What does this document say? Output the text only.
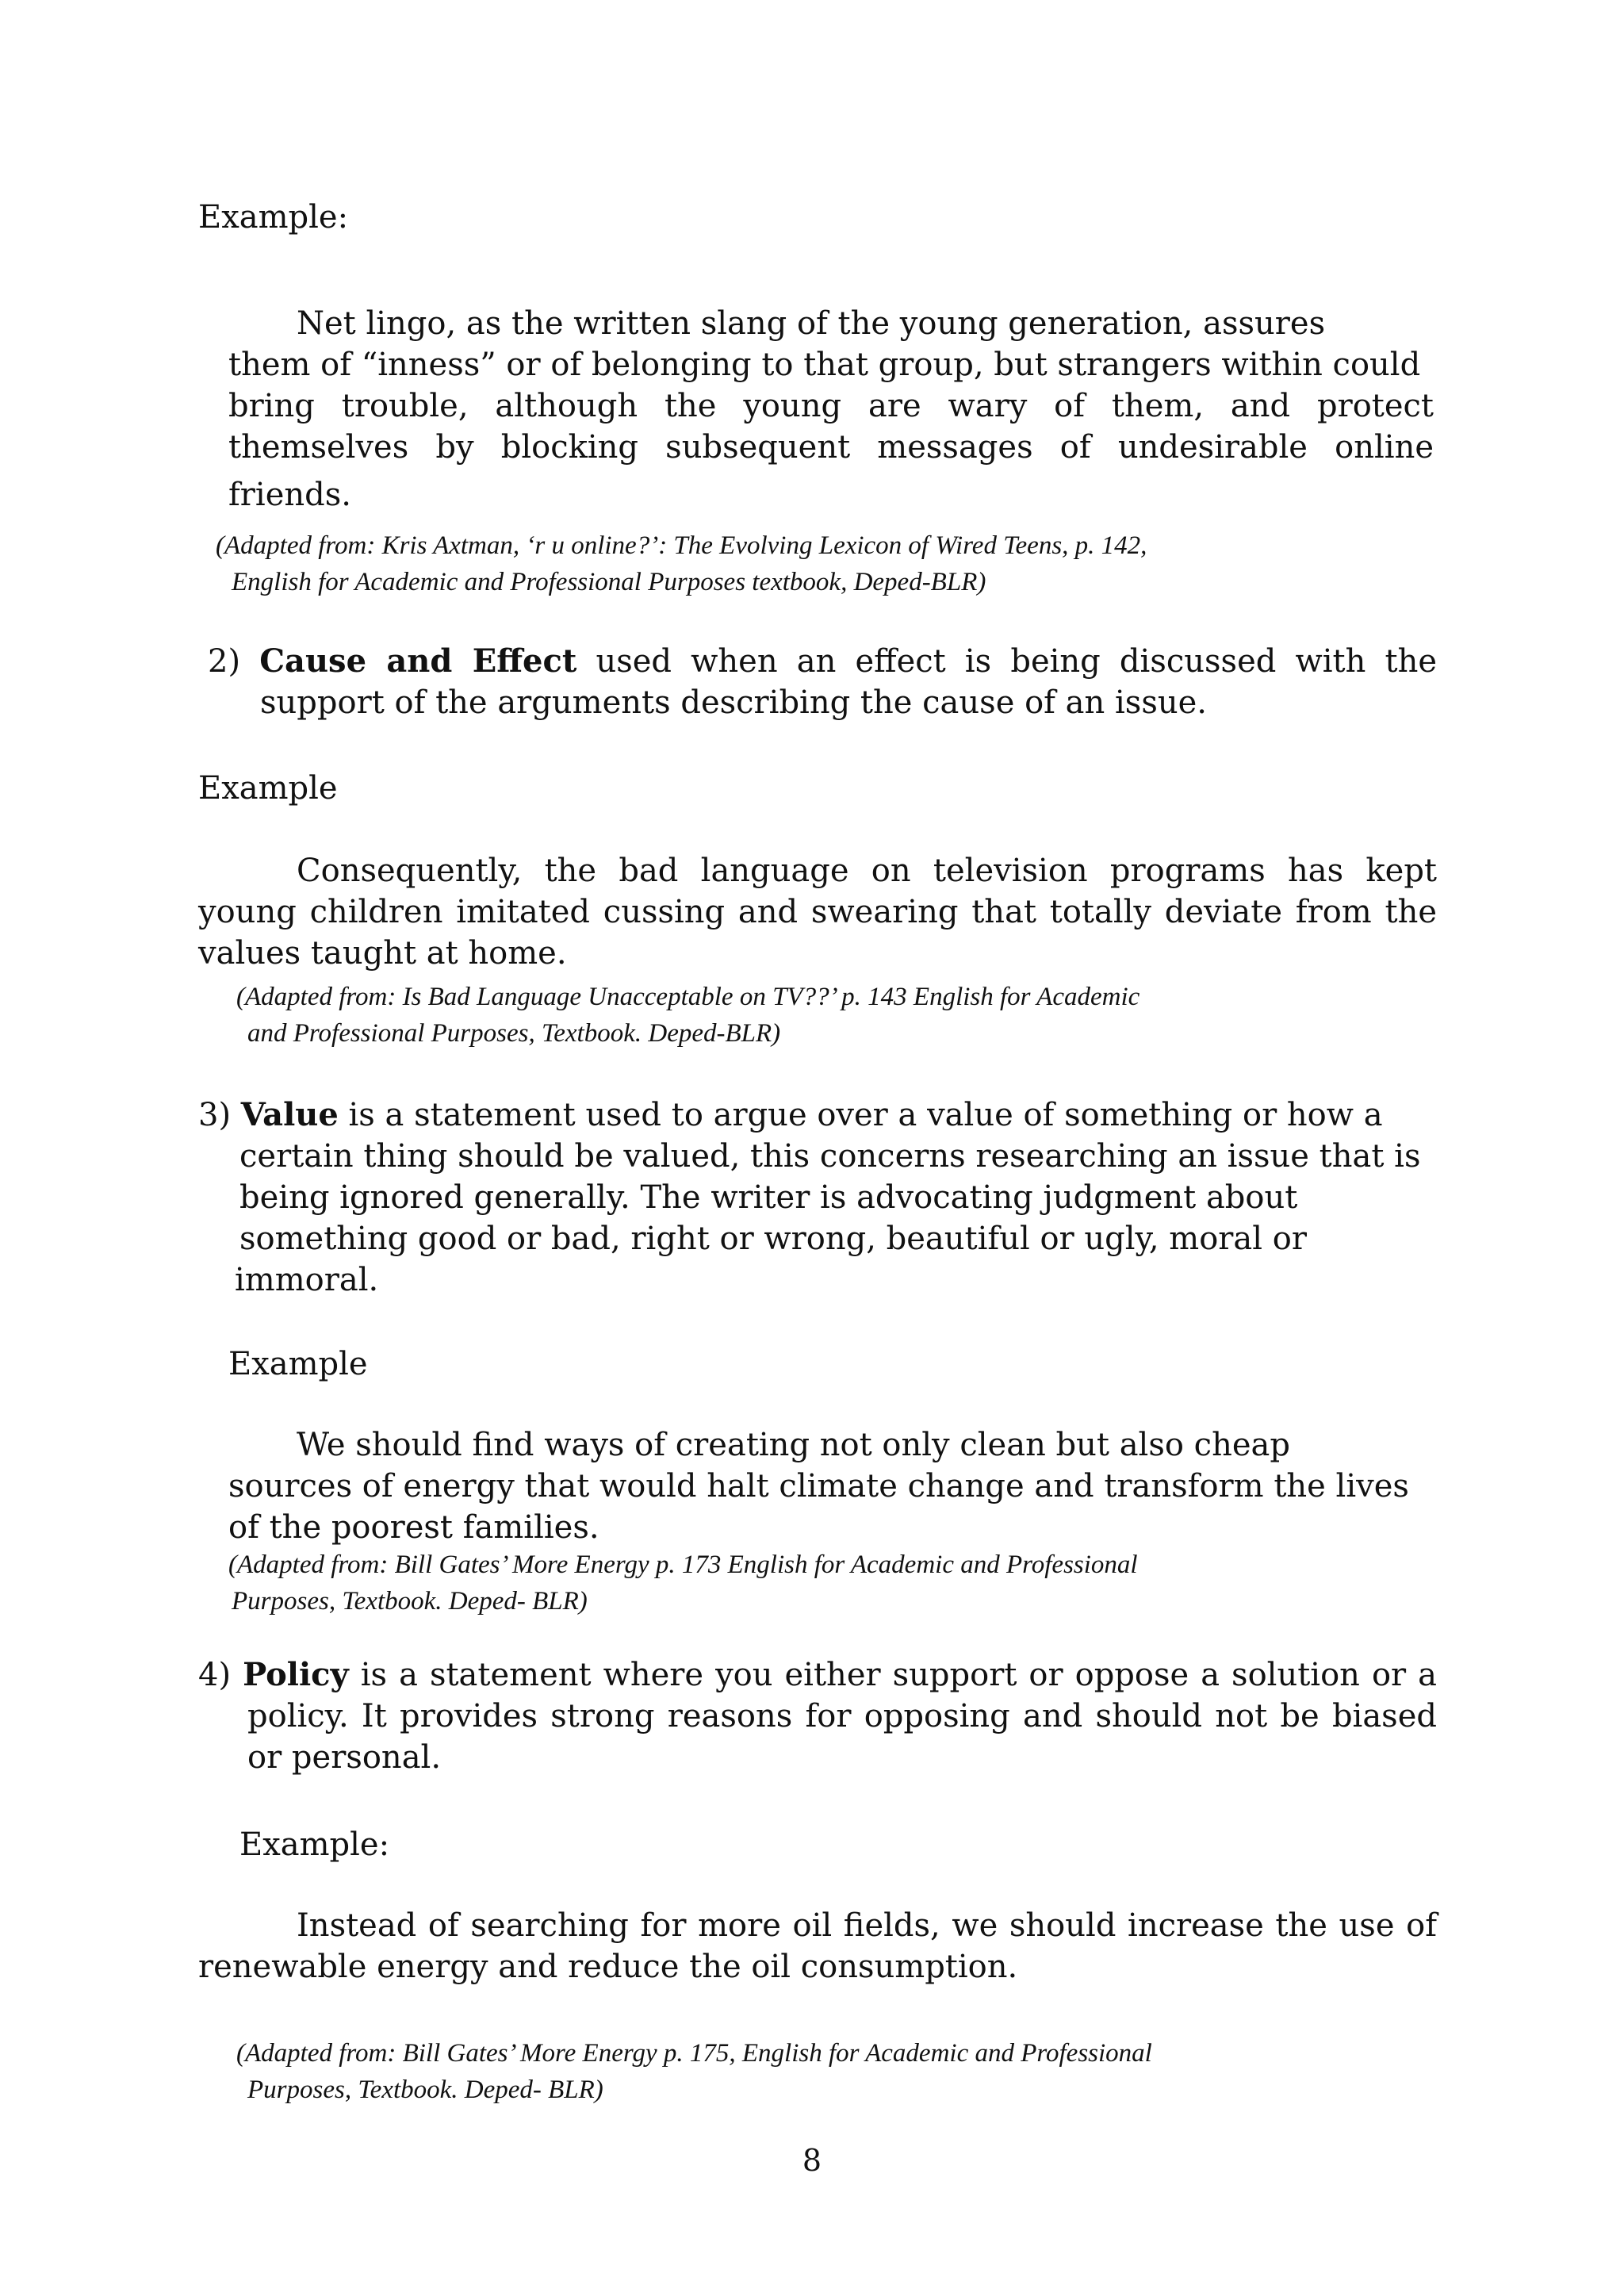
Example:

Net lingo, as the written slang of the young generation, assures
them of “inness” or of belonging to that group, but strangers within could
bring trouble, although the young are wary of them, and protect
themselves by blocking subsequent messages of undesirable online
friends.
(Adapted from: Kris Axtman, ‘r u online?’: The Evolving Lexicon of Wired Teens, p. 142,
English for Academic and Professional Purposes textbook, Deped-BLR)
2) Cause and Effect used when an effect is being discussed with the
support of the arguments describing the cause of an issue.

Example

Consequently, the bad language on television programs has kept
young children imitated cussing and swearing that totally deviate from the
values taught at home.
(Adapted from: Is Bad Language Unacceptable on TV??’ p. 143 English for Academic
and Professional Purposes, Textbook. Deped-BLR)
3) Value is a statement used to argue over a value of something or how a
certain thing should be valued, this concerns researching an issue that is
being ignored generally. The writer is advocating judgment about
something good or bad, right or wrong, beautiful or ugly, moral or
immoral.

Example

We should find ways of creating not only clean but also cheap
sources of energy that would halt climate change and transform the lives
of the poorest families.
(Adapted from: Bill Gates’ More Energy p. 173 English for Academic and Professional
Purposes, Textbook. Deped- BLR)
4) Policy is a statement where you either support or oppose a solution or a
policy. It provides strong reasons for opposing and should not be biased
or personal.

Example:

Instead of searching for more oil fields, we should increase the use of
renewable energy and reduce the oil consumption.
(Adapted from: Bill Gates’ More Energy p. 175, English for Academic and Professional
Purposes, Textbook. Deped- BLR)
8
